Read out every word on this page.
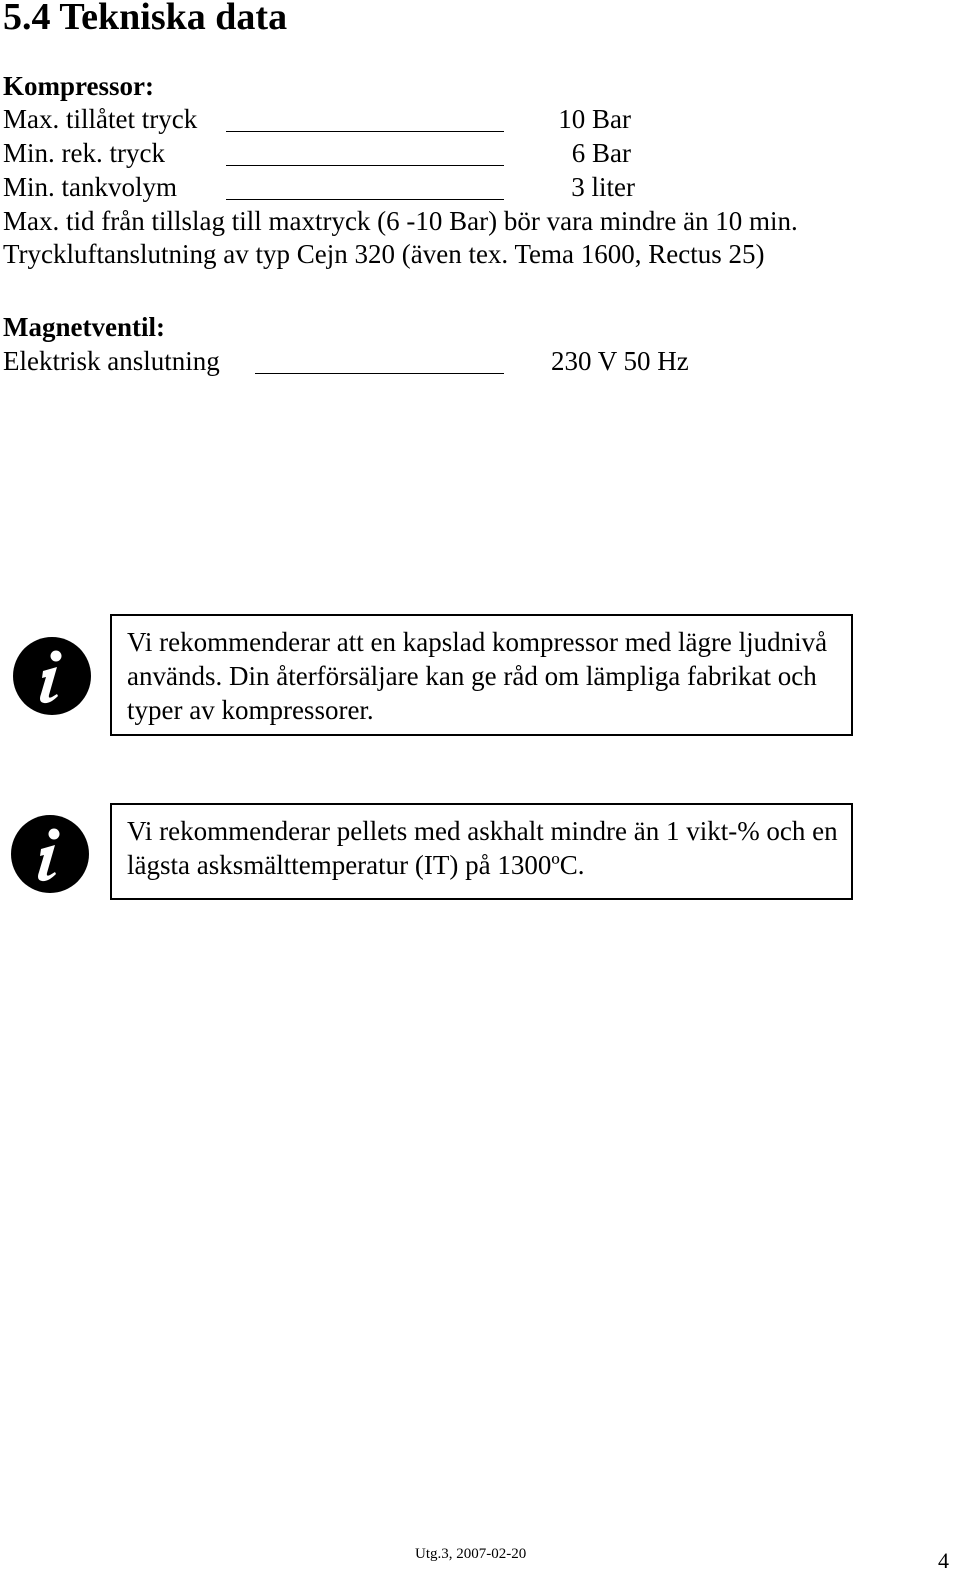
5.4 Tekniska data
Kompressor:
Max. tillåtet tryck	10 Bar
Min. rek. tryck	6 Bar
Min. tankvolym	3 liter
Max. tid från tillslag till maxtryck (6 -10 Bar) bör vara mindre än 10 min.
Tryckluftanslutning av typ Cejn 320 (även tex. Tema 1600, Rectus 25)
Magnetventil:
Elektrisk anslutning	230 V 50 Hz
Vi rekommenderar att en kapslad kompressor med lägre ljudnivå används. Din återförsäljare kan ge råd om lämpliga fabrikat och typer av kompressorer.
Vi rekommenderar pellets med askhalt mindre än 1 vikt-% och en lägsta asksmälttemperatur (IT) på 1300ºC.
Utg.3, 2007-02-20	4
